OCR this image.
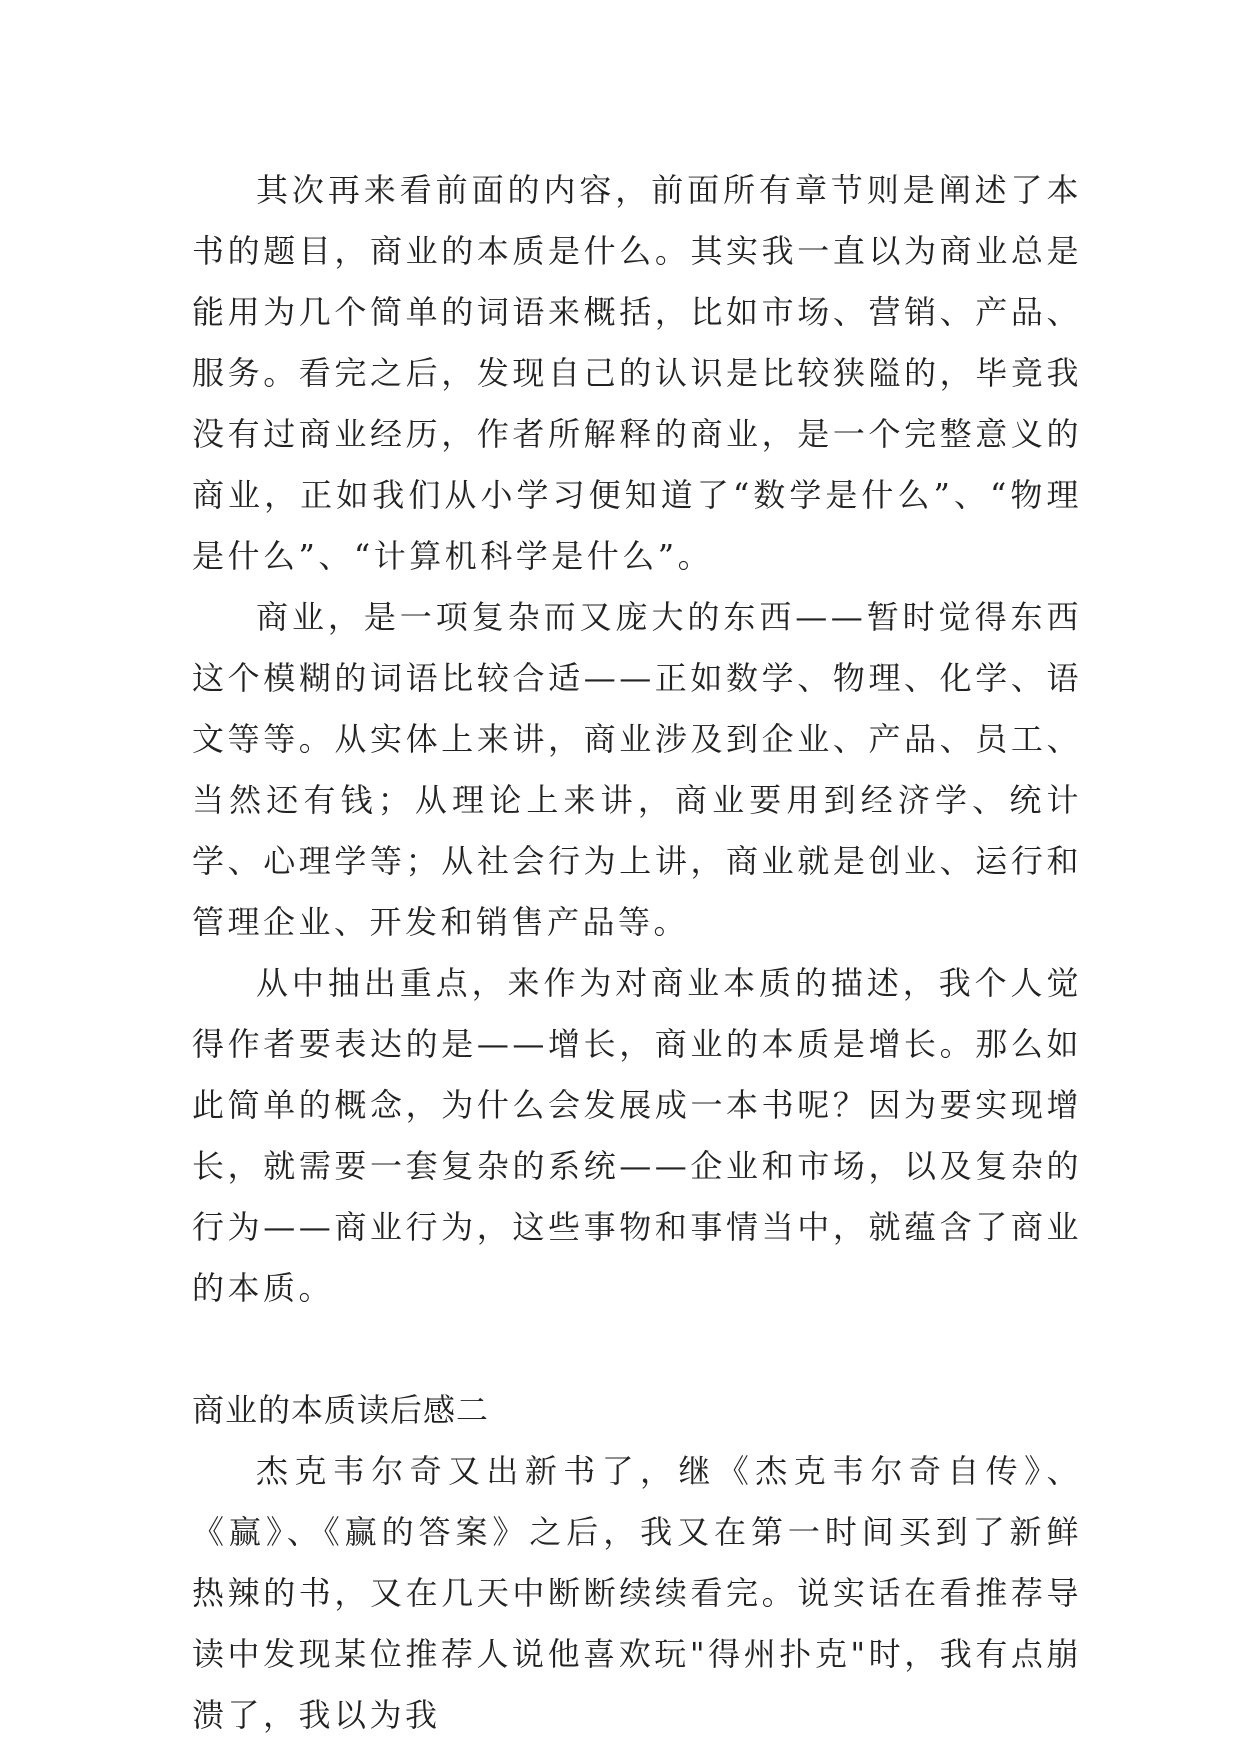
其次再来看前面的内容，前面所有章节则是阐述了本书的题目，商业的本质是什么。其实我一直以为商业总是能用为几个简单的词语来概括，比如市场、营销、产品、服务。看完之后，发现自己的认识是比较狭隘的，毕竟我没有过商业经历，作者所解释的商业，是一个完整意义的商业，正如我们从小学习便知道了“数学是什么”、“物理是什么”、“计算机科学是什么”。

商业，是一项复杂而又庞大的东西——暂时觉得东西这个模糊的词语比较合适——正如数学、物理、化学、语文等等。从实体上来讲，商业涉及到企业、产品、员工、当然还有钱；从理论上来讲，商业要用到经济学、统计学、心理学等；从社会行为上讲，商业就是创业、运行和管理企业、开发和销售产品等。

从中抽出重点，来作为对商业本质的描述，我个人觉得作者要表达的是——增长，商业的本质是增长。那么如此简单的概念，为什么会发展成一本书呢？因为要实现增长，就需要一套复杂的系统——企业和市场，以及复杂的行为——商业行为，这些事物和事情当中，就蕴含了商业的本质。

商业的本质读后感二

杰克韦尔奇又出新书了，继《杰克韦尔奇自传》、《赢》、《赢的答案》之后，我又在第一时间买到了新鲜热辣的书，又在几天中断断续续看完。说实话在看推荐导读中发现某位推荐人说他喜欢玩"得州扑克"时，我有点崩溃了，我以为我
